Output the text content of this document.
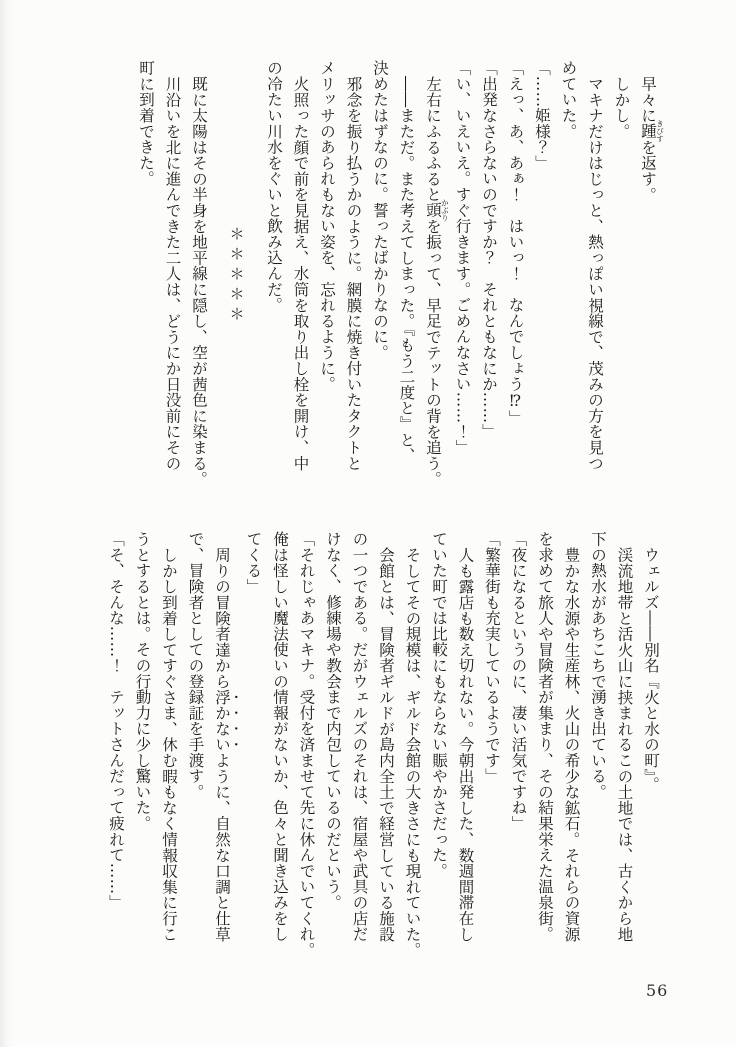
早々に踵きびすを返す。
しかし。
マキナだけはじっと、熱っぽい視線で、茂みの方を見つ
めていた。
「……姫様？」
「えっ、あ、あぁ！　はいっ！　なんでしょう⁉」
「出発なさらないのですか？　それともなにか……」
「い、いえいえ。すぐ行きます。ごめんなさい……！」
左右にふるふると頭かぶりを振って、早足でテットの背を追う。
――まただ。また考えてしまった。『もう二度と』と、
決めたはずなのに。誓ったばかりなのに。
邪念を振り払うかのように。網膜に焼き付いたタクトと
メリッサのあられもない姿を、忘れるように。
火照った顔で前を見据え、水筒を取り出し栓を開け、中
の冷たい川水をぐいと飲み込んだ。
＊＊＊＊＊
既に太陽はその半身を地平線に隠し、空が茜色に染まる。
川沿いを北に進んできた二人は、どうにか日没前にその
町に到着できた。
ウェルズ――別名『火と水の町』。
渓流地帯と活火山に挟まれるこの土地では、古くから地
下の熱水があちこちで湧き出ている。
豊かな水源や生産林、火山の希少な鉱石。それらの資源
を求めて旅人や冒険者が集まり、その結果栄えた温泉街。
「夜になるというのに、凄い活気ですね」
「繁華街も充実しているようです」
人も露店も数え切れない。今朝出発した、数週間滞在し
ていた町では比較にもならない賑やかさだった。
そしてその規模は、ギルド会館の大きさにも現れていた。
会館とは、冒険者ギルドが島内全土で経営している施設
の一つである。だがウェルズのそれは、宿屋や武具の店だ
けなく、修練場や教会まで内包しているのだという。
「それじゃあマキナ。受付を済ませて先に休んでいてくれ。
俺は怪しい魔法使いの情報がないか、色々と聞き込みをし
てくる」
周りの冒険者達から浮かないように、自然な口調と仕草
で、冒険者としての登録証を手渡す。
しかし到着してすぐさま、休む暇もなく情報収集に行こ
うとするとは。その行動力に少し驚いた。
「そ、そんな……！　テットさんだって疲れて……」
56
